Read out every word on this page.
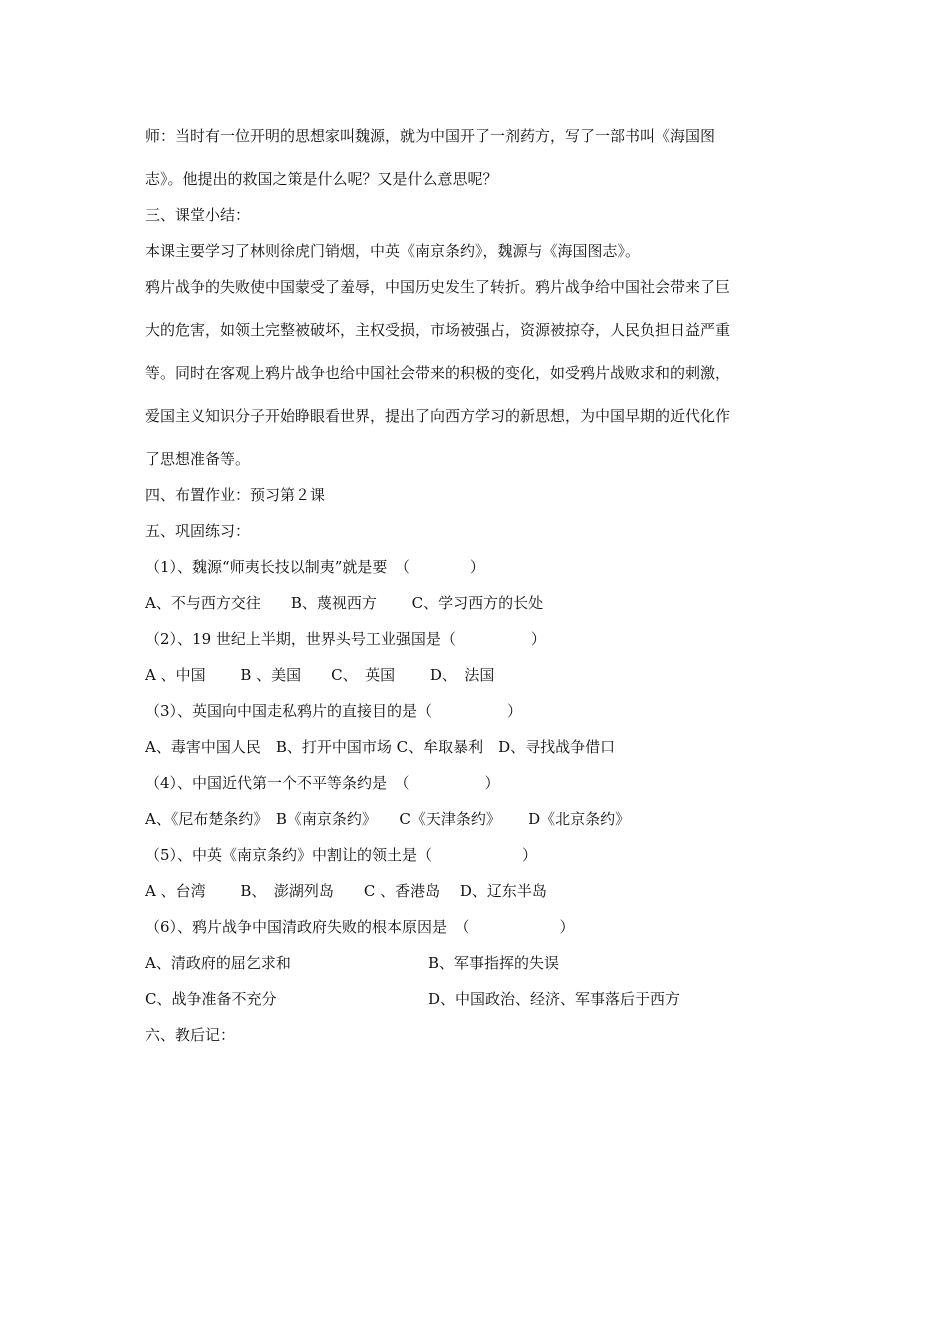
师：当时有一位开明的思想家叫魏源，就为中国开了一剂药方，写了一部书叫《海国图
志》。他提出的救国之策是什么呢？又是什么意思呢？
三、课堂小结：
本课主要学习了林则徐虎门销烟，中英《南京条约》，魏源与《海国图志》。
鸦片战争的失败使中国蒙受了羞辱，中国历史发生了转折。鸦片战争给中国社会带来了巨
大的危害，如领土完整被破坏，主权受损，市场被强占，资源被掠夺，人民负担日益严重
等。同时在客观上鸦片战争也给中国社会带来的积极的变化，如受鸦片战败求和的刺激，
爱国主义知识分子开始睁眼看世界，提出了向西方学习的新思想，为中国早期的近代化作
了思想准备等。
四、布置作业：预习第２课
五、巩固练习：
（1）、魏源“师夷长技以制夷”就是要　（　　　　）
A、不与西方交往　　B、蔑视西方　　 C、学习西方的长处
（2）、19 世纪上半期，世界头号工业强国是（　　　　　）
A 、中国　　 B 、美国　　C、　英国　　 D、　法国
（3）、英国向中国走私鸦片的直接目的是（　　　　　）
A、毒害中国人民　B、打开中国市场 C、牟取暴利　D、寻找战争借口
（4）、中国近代第一个不平等条约是　（　　　　　）
A、《尼布楚条约》　B《南京条约》　　C《天津条约》　　 D《北京条约》
（5）、中英《南京条约》中割让的领土是（　　　　　　）
A 、台湾　　 B、　澎湖列岛　　C 、香港岛　 D、辽东半岛
（6）、鸦片战争中国清政府失败的根本原因是　（　　　　　　）
A、清政府的屈乞求和	B、军事指挥的失误
C、战争准备不充分	D、中国政治、经济、军事落后于西方
六、教后记：
